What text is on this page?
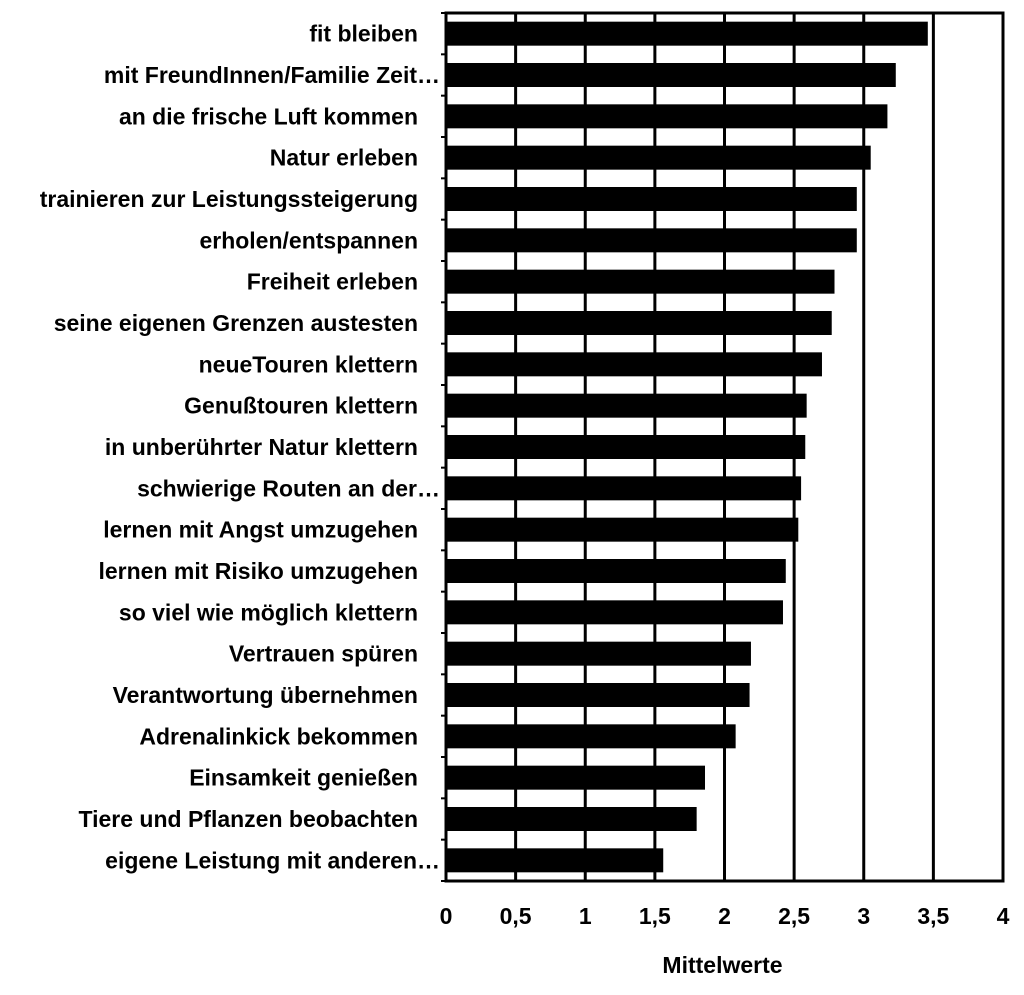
fit bleiben
mit FreundInnen/Familie Zeit…
an die frische Luft kommen
Natur erleben
trainieren zur Leistungssteigerung
erholen/entspannen
Freiheit erleben
seine eigenen Grenzen austesten
neueTouren klettern
Genußtouren klettern
in unberührter Natur klettern
schwierige Routen an der…
lernen mit Angst umzugehen
lernen mit Risiko umzugehen
so viel wie möglich klettern
Vertrauen spüren
Verantwortung übernehmen
Adrenalinkick bekommen
Einsamkeit genießen
Tiere und Pflanzen beobachten
eigene Leistung mit anderen…
0 0,5 1 1,5 2 2,5 3 3,5 4
Mittelwerte
